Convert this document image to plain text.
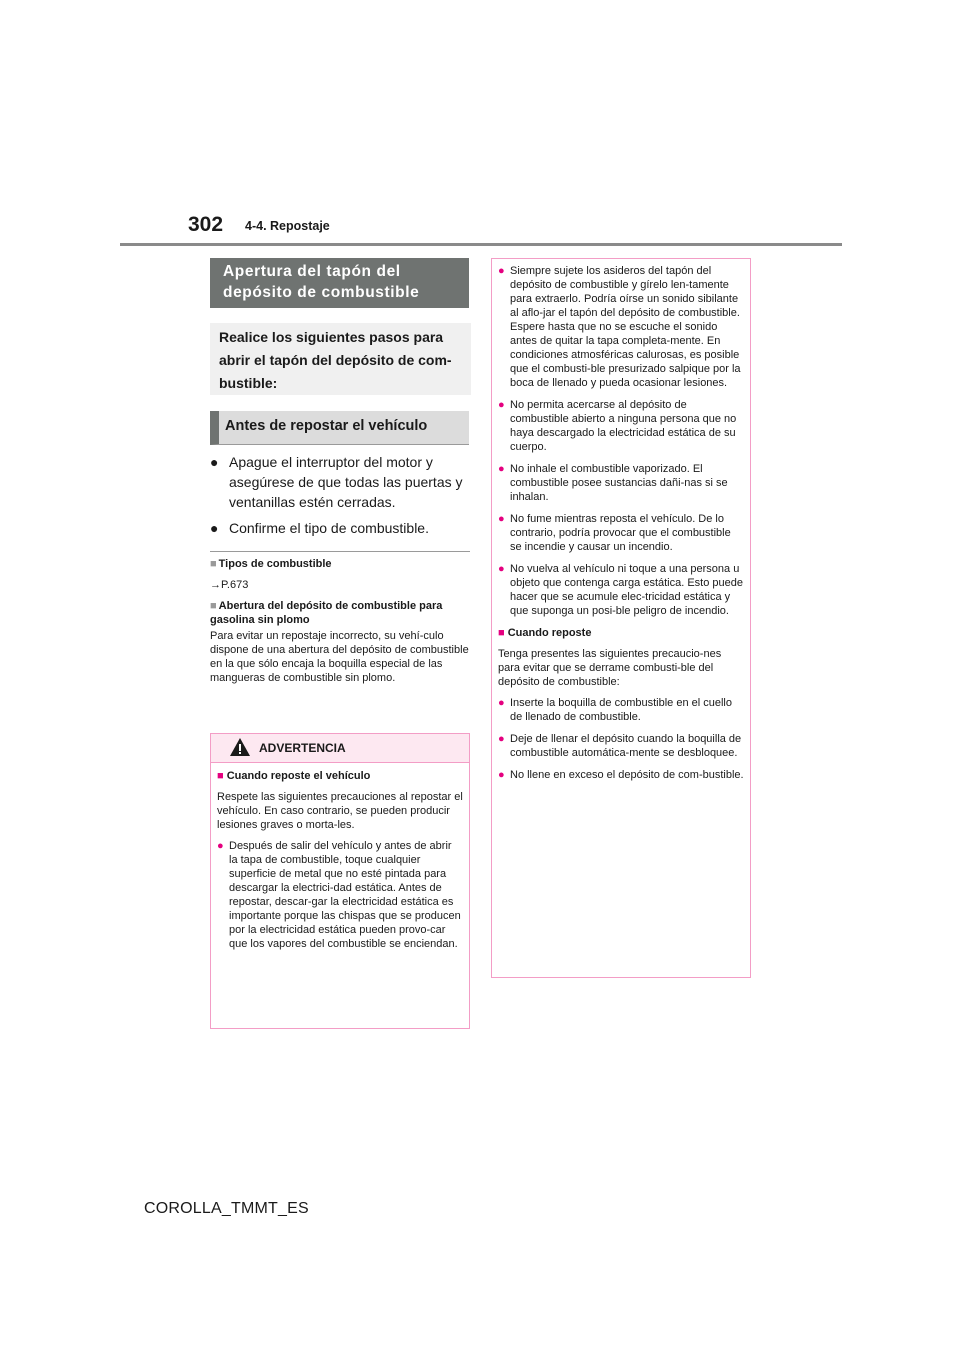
302 4-4. Repostaje
Apertura del tapón del depósito de combustible
Realice los siguientes pasos para abrir el tapón del depósito de com-bustible:
Antes de repostar el vehículo
● Apague el interruptor del motor y asegúrese de que todas las puertas y ventanillas estén cerradas.
● Confirme el tipo de combustible.

■ Tipos de combustible

→P.673

■ Abertura del depósito de combustible para gasolina sin plomo

Para evitar un repostaje incorrecto, su vehí-culo dispone de una abertura del depósito de combustible en la que sólo encaja la boquilla especial de las mangueras de combustible sin plomo.

ADVERTENCIA

■ Cuando reposte el vehículo

Respete las siguientes precauciones al repostar el vehículo. En caso contrario, se pueden producir lesiones graves o morta-les.

● Después de salir del vehículo y antes de abrir la tapa de combustible, toque cualquier superficie de metal que no esté pintada para descargar la electrici-dad estática. Antes de repostar, descar-gar la electricidad estática es importante porque las chispas que se producen por la electricidad estática pueden provo-car que los vapores del combustible se enciendan.
● Siempre sujete los asideros del tapón del depósito de combustible y gírelo len-tamente para extraerlo. Podría oírse un sonido sibilante al aflo-jar el tapón del depósito de combustible. Espere hasta que no se escuche el sonido antes de quitar la tapa completa-mente. En condiciones atmosféricas calurosas, es posible que el combusti-ble presurizado salpique por la boca de llenado y pueda ocasionar lesiones.
● No permita acercarse al depósito de combustible abierto a ninguna persona que no haya descargado la electricidad estática de su cuerpo.
● No inhale el combustible vaporizado. El combustible posee sustancias dañi-nas si se inhalan.
● No fume mientras reposta el vehículo. De lo contrario, podría provocar que el combustible se incendie y causar un incendio.
● No vuelva al vehículo ni toque a una persona u objeto que contenga carga estática. Esto puede hacer que se acumule elec-tricidad estática y que suponga un posi-ble peligro de incendio.

■ Cuando reposte

Tenga presentes las siguientes precaucio-nes para evitar que se derrame combusti-ble del depósito de combustible:

● Inserte la boquilla de combustible en el cuello de llenado de combustible.
● Deje de llenar el depósito cuando la boquilla de combustible automática-mente se desbloquee.
● No llene en exceso el depósito de com-bustible.
COROLLA_TMMT_ES
